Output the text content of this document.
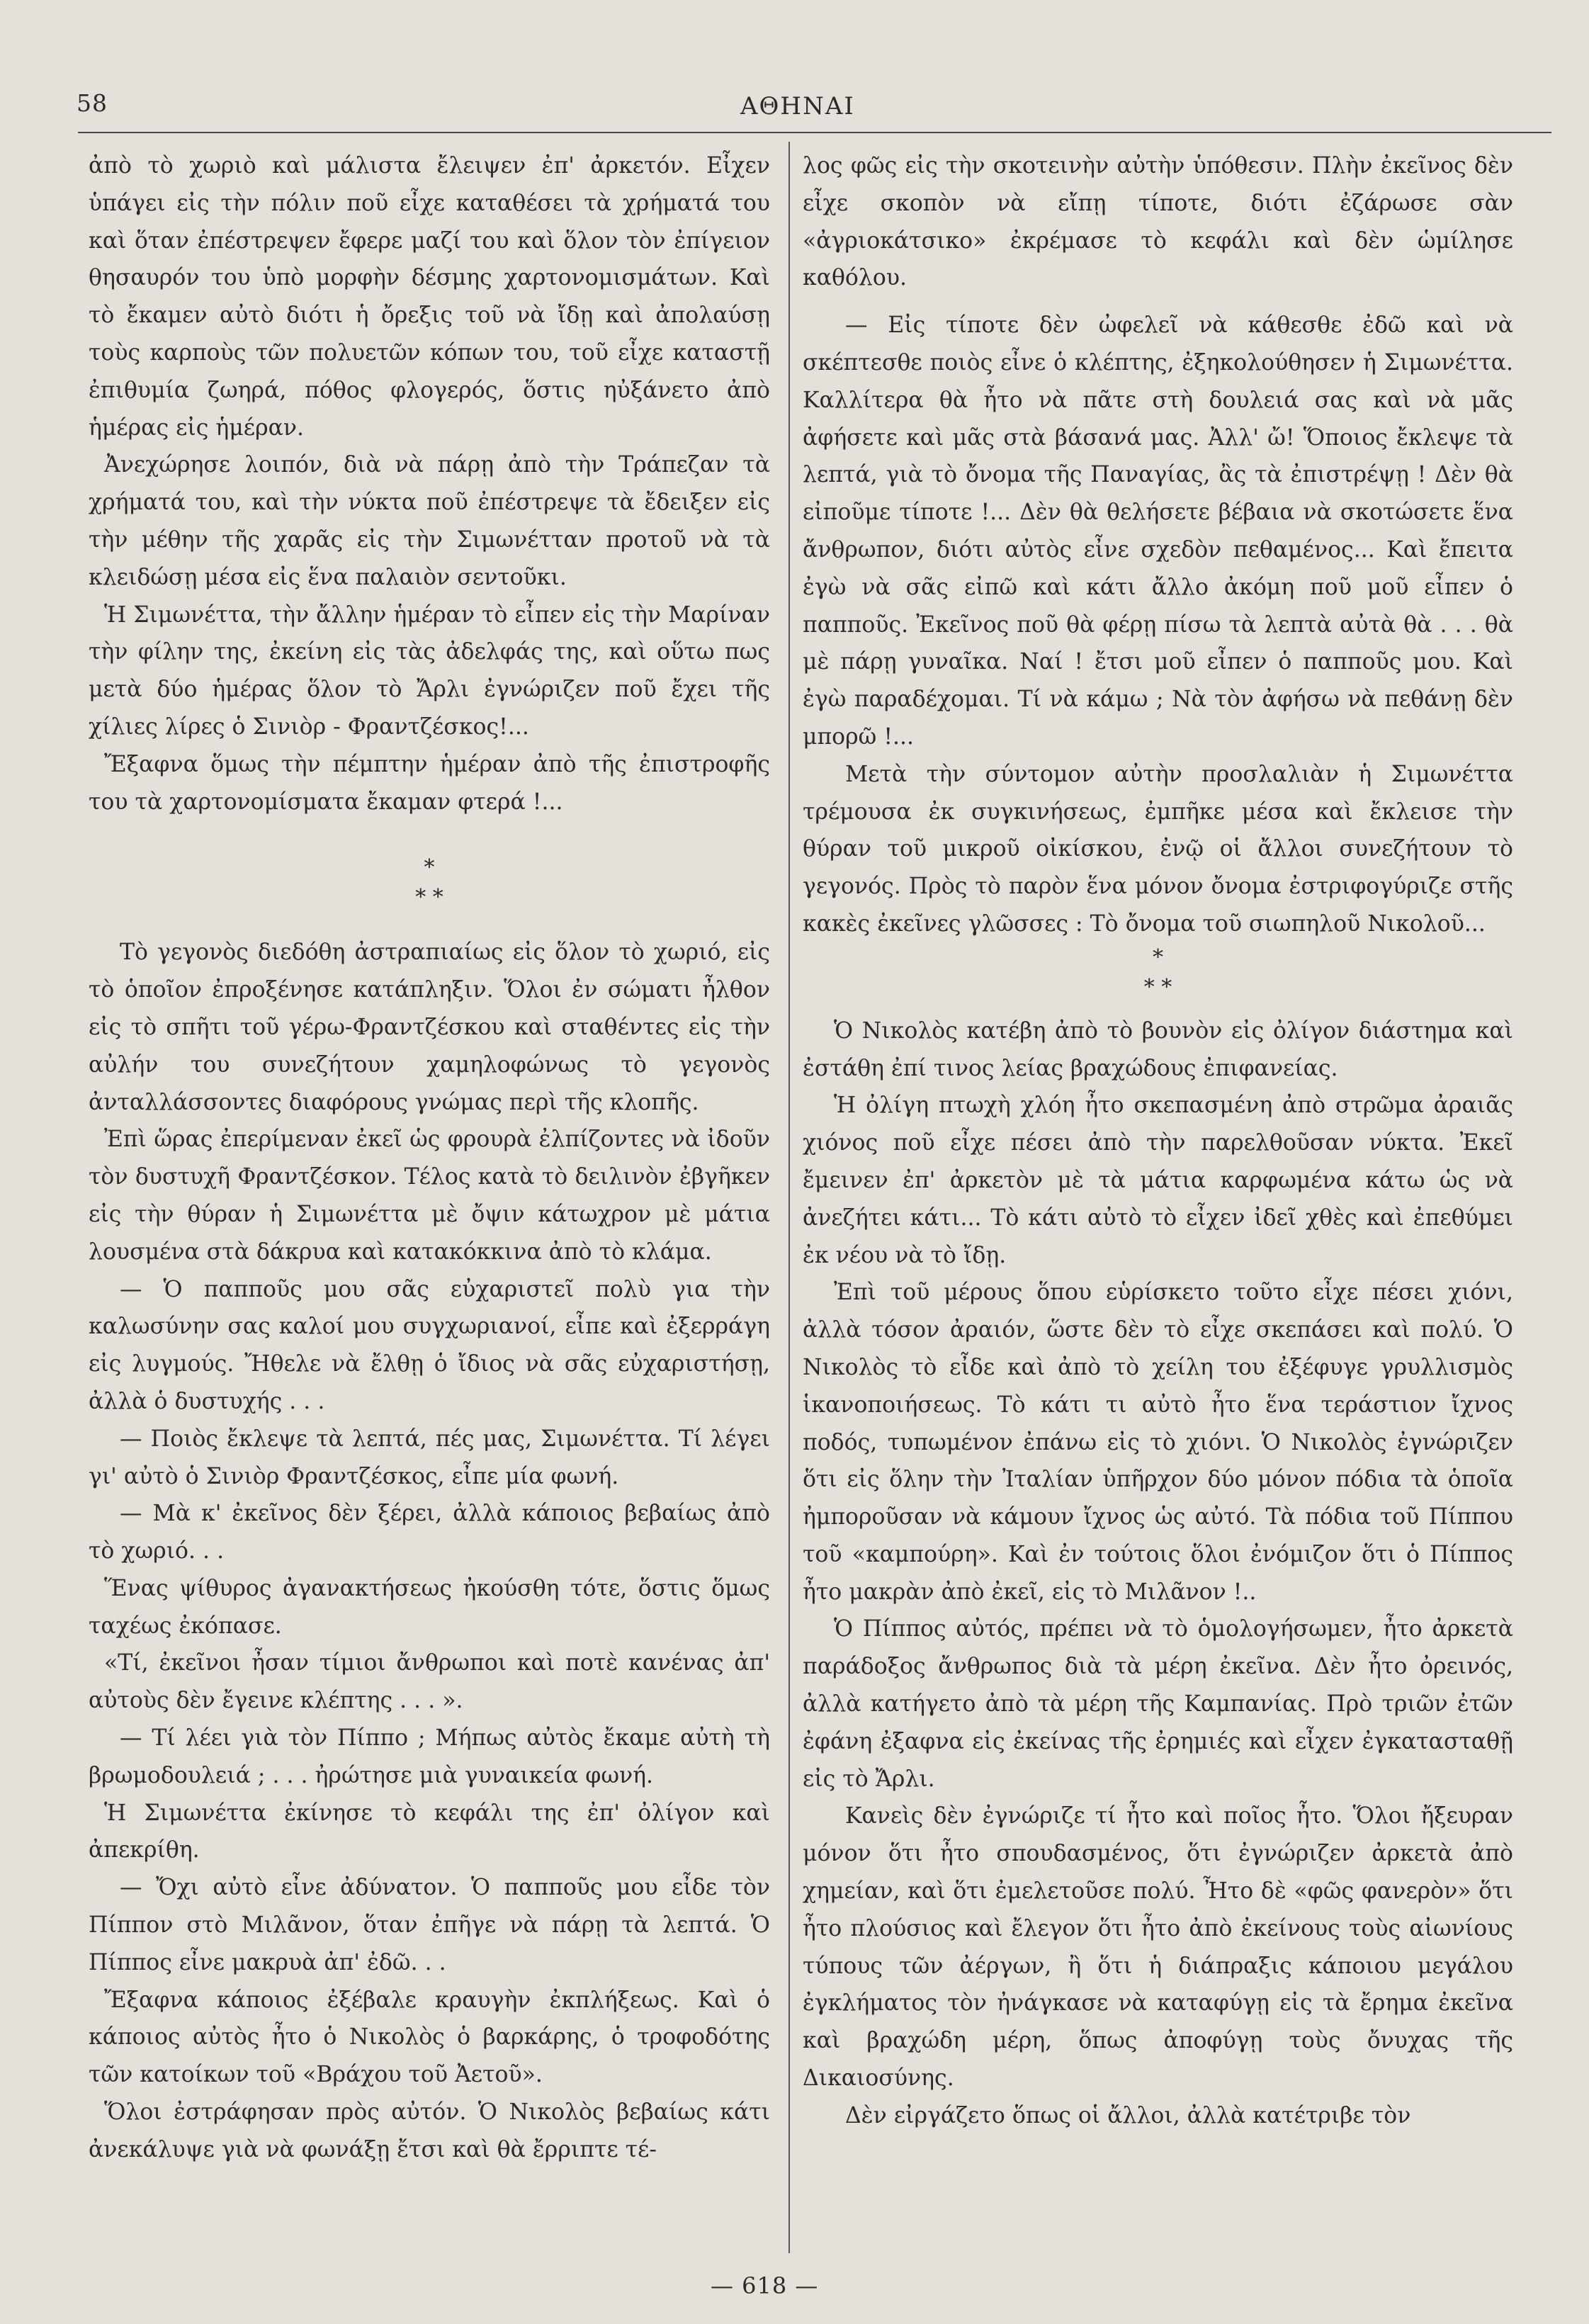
58	ΑΘΗΝΑΙ

ἀπὸ τὸ χωριὸ καὶ μάλιστα ἔλειψεν ἐπ' ἀρκετόν. Εἶχεν ὑπάγει εἰς τὴν πόλιν ποῦ εἶχε καταθέσει τὰ χρήματά του καὶ ὅταν ἐπέστρεψεν ἔφερε μαζί του καὶ ὅλον τὸν ἐπίγειον θησαυρόν του ὑπὸ μορφὴν δέσμης χαρτονομισμάτων. Καὶ τὸ ἔκαμεν αὐτὸ διότι ἡ ὄρεξις τοῦ νὰ ἴδῃ καὶ ἀπολαύσῃ τοὺς καρποὺς τῶν πολυετῶν κόπων του, τοῦ εἶχε καταστῇ ἐπιθυμία ζωηρά, πόθος φλογερός, ὅστις ηὐξάνετο ἀπὸ ἡμέρας εἰς ἡμέραν.

Ἀνεχώρησε λοιπόν, διὰ νὰ πάρῃ ἀπὸ τὴν Τράπεζαν τὰ χρήματά του, καὶ τὴν νύκτα ποῦ ἐπέστρεψε τὰ ἔδειξεν εἰς τὴν μέθην τῆς χαρᾶς εἰς τὴν Σιμωνέτταν προτοῦ νὰ τὰ κλειδώσῃ μέσα εἰς ἕνα παλαιὸν σεντοῦκι.

Ἡ Σιμωνέττα, τὴν ἄλλην ἡμέραν τὸ εἶπεν εἰς τὴν Μαρίναν τὴν φίλην της, ἐκείνη εἰς τὰς ἀδελφάς της, καὶ οὕτω πως μετὰ δύο ἡμέρας ὅλον τὸ Ἄρλι ἐγνώριζεν ποῦ ἔχει τῆς χίλιες λίρες ὁ Σινιὸρ - Φραντζέσκος!...

Ἔξαφνα ὅμως τὴν πέμπτην ἡμέραν ἀπὸ τῆς ἐπιστροφῆς του τὰ χαρτονομίσματα ἔκαμαν φτερά !...

*
* *

Τὸ γεγονὸς διεδόθη ἀστραπιαίως εἰς ὅλον τὸ χωριό, εἰς τὸ ὁποῖον ἐπροξένησε κατάπληξιν. Ὅλοι ἐν σώματι ἦλθον εἰς τὸ σπῆτι τοῦ γέρω-Φραντζέσκου καὶ σταθέντες εἰς τὴν αὐλήν του συνεζήτουν χαμηλοφώνως τὸ γεγονὸς ἀνταλλάσσοντες διαφόρους γνώμας περὶ τῆς κλοπῆς.

Ἐπὶ ὥρας ἐπερίμεναν ἐκεῖ ὡς φρουρὰ ἐλπίζοντες νὰ ἰδοῦν τὸν δυστυχῆ Φραντζέσκον. Τέλος κατὰ τὸ δειλινὸν ἐβγῆκεν εἰς τὴν θύραν ἡ Σιμωνέττα μὲ ὄψιν κάτωχρον μὲ μάτια λουσμένα στὰ δάκρυα καὶ κατακόκκινα ἀπὸ τὸ κλάμα.

— Ὁ παπποῦς μου σᾶς εὐχαριστεῖ πολὺ για τὴν καλωσύνην σας καλοί μου συγχωριανοί, εἶπε καὶ ἐξερράγη εἰς λυγμούς. Ἤθελε νὰ ἔλθῃ ὁ ἴδιος νὰ σᾶς εὐχαριστήσῃ, ἀλλὰ ὁ δυστυχής . . .

— Ποιὸς ἔκλεψε τὰ λεπτά, πές μας, Σιμωνέττα. Τί λέγει γι' αὐτὸ ὁ Σινιὸρ Φραντζέσκος, εἶπε μία φωνή.

— Μὰ κ' ἐκεῖνος δὲν ξέρει, ἀλλὰ κάποιος βεβαίως ἀπὸ τὸ χωριό. . .

Ἕνας ψίθυρος ἀγανακτήσεως ἠκούσθη τότε, ὅστις ὅμως ταχέως ἐκόπασε.

«Τί, ἐκεῖνοι ἦσαν τίμιοι ἄνθρωποι καὶ ποτὲ κανένας ἀπ' αὐτοὺς δὲν ἔγεινε κλέπτης . . . ».

— Τί λέει γιὰ τὸν Πίππο ; Μήπως αὐτὸς ἔκαμε αὐτὴ τὴ βρωμοδουλειά ; . . . ἠρώτησε μιὰ γυναικεία φωνή.

Ἡ Σιμωνέττα ἐκίνησε τὸ κεφάλι της ἐπ' ὀλίγον καὶ ἀπεκρίθη.

— Ὄχι αὐτὸ εἶνε ἀδύνατον. Ὁ παπποῦς μου εἶδε τὸν Πίππον στὸ Μιλᾶνον, ὅταν ἐπῆγε νὰ πάρῃ τὰ λεπτά. Ὁ Πίππος εἶνε μακρυὰ ἀπ' ἐδῶ. . .

Ἔξαφνα κάποιος ἐξέβαλε κραυγὴν ἐκπλήξεως. Καὶ ὁ κάποιος αὐτὸς ἦτο ὁ Νικολὸς ὁ βαρκάρης, ὁ τροφοδότης τῶν κατοίκων τοῦ «Βράχου τοῦ Ἀετοῦ».

Ὅλοι ἐστράφησαν πρὸς αὐτόν. Ὁ Νικολὸς βεβαίως κάτι ἀνεκάλυψε γιὰ νὰ φωνάξῃ ἔτσι καὶ θὰ ἔρριπτε τέ-

λος φῶς εἰς τὴν σκοτεινὴν αὐτὴν ὑπόθεσιν. Πλὴν ἐκεῖνος δὲν εἶχε σκοπὸν νὰ εἴπῃ τίποτε, διότι ἐζάρωσε σὰν «ἀγριοκάτσικο» ἐκρέμασε τὸ κεφάλι καὶ δὲν ὡμίλησε καθόλου.

— Εἰς τίποτε δὲν ὠφελεῖ νὰ κάθεσθε ἐδῶ καὶ νὰ σκέπτεσθε ποιὸς εἶνε ὁ κλέπτης, ἐξηκολούθησεν ἡ Σιμωνέττα. Καλλίτερα θὰ ἦτο νὰ πᾶτε στὴ δουλειά σας καὶ νὰ μᾶς ἀφήσετε καὶ μᾶς στὰ βάσανά μας. Ἀλλ' ὤ! Ὅποιος ἔκλεψε τὰ λεπτά, γιὰ τὸ ὄνομα τῆς Παναγίας, ἂς τὰ ἐπιστρέψῃ ! Δὲν θὰ εἰποῦμε τίποτε !... Δὲν θὰ θελήσετε βέβαια νὰ σκοτώσετε ἕνα ἄνθρωπον, διότι αὐτὸς εἶνε σχεδὸν πεθαμένος... Καὶ ἔπειτα ἐγὼ νὰ σᾶς εἰπῶ καὶ κάτι ἄλλο ἀκόμη ποῦ μοῦ εἶπεν ὁ παπποῦς. Ἐκεῖνος ποῦ θὰ φέρῃ πίσω τὰ λεπτὰ αὐτὰ θὰ . . . θὰ μὲ πάρῃ γυναῖκα. Ναί ! ἔτσι μοῦ εἶπεν ὁ παπποῦς μου. Καὶ ἐγὼ παραδέχομαι. Τί νὰ κάμω ; Νὰ τὸν ἀφήσω νὰ πεθάνῃ δὲν μπορῶ !...

Μετὰ τὴν σύντομον αὐτὴν προσλαλιὰν ἡ Σιμωνέττα τρέμουσα ἐκ συγκινήσεως, ἐμπῆκε μέσα καὶ ἔκλεισε τὴν θύραν τοῦ μικροῦ οἰκίσκου, ἐνῷ οἱ ἄλλοι συνεζήτουν τὸ γεγονός. Πρὸς τὸ παρὸν ἕνα μόνον ὄνομα ἐστριφογύριζε στῆς κακὲς ἐκεῖνες γλῶσσες : Τὸ ὄνομα τοῦ σιωπηλοῦ Νικολοῦ...

*
* *

Ὁ Νικολὸς κατέβη ἀπὸ τὸ βουνὸν εἰς ὀλίγον διάστημα καὶ ἐστάθη ἐπί τινος λείας βραχώδους ἐπιφανείας.

Ἡ ὀλίγη πτωχὴ χλόη ἦτο σκεπασμένη ἀπὸ στρῶμα ἀραιᾶς χιόνος ποῦ εἶχε πέσει ἀπὸ τὴν παρελθοῦσαν νύκτα. Ἐκεῖ ἔμεινεν ἐπ' ἀρκετὸν μὲ τὰ μάτια καρφωμένα κάτω ὡς νὰ ἀνεζήτει κάτι... Τὸ κάτι αὐτὸ τὸ εἶχεν ἰδεῖ χθὲς καὶ ἐπεθύμει ἐκ νέου νὰ τὸ ἴδῃ.

Ἐπὶ τοῦ μέρους ὅπου εὑρίσκετο τοῦτο εἶχε πέσει χιόνι, ἀλλὰ τόσον ἀραιόν, ὥστε δὲν τὸ εἶχε σκεπάσει καὶ πολύ. Ὁ Νικολὸς τὸ εἶδε καὶ ἀπὸ τὸ χείλη του ἐξέφυγε γρυλλισμὸς ἱκανοποιήσεως. Τὸ κάτι τι αὐτὸ ἦτο ἕνα τεράστιον ἴχνος ποδός, τυπωμένον ἐπάνω εἰς τὸ χιόνι. Ὁ Νικολὸς ἐγνώριζεν ὅτι εἰς ὅλην τὴν Ἰταλίαν ὑπῆρχον δύο μόνον πόδια τὰ ὁποῖα ἠμποροῦσαν νὰ κάμουν ἴχνος ὡς αὐτό. Τὰ πόδια τοῦ Πίππου τοῦ «καμπούρη». Καὶ ἐν τούτοις ὅλοι ἐνόμιζον ὅτι ὁ Πίππος ἦτο μακρὰν ἀπὸ ἐκεῖ, εἰς τὸ Μιλᾶνον !..

Ὁ Πίππος αὐτός, πρέπει νὰ τὸ ὁμολογήσωμεν, ἦτο ἀρκετὰ παράδοξος ἄνθρωπος διὰ τὰ μέρη ἐκεῖνα. Δὲν ἦτο ὀρεινός, ἀλλὰ κατήγετο ἀπὸ τὰ μέρη τῆς Καμπανίας. Πρὸ τριῶν ἐτῶν ἐφάνη ἐξαφνα εἰς ἐκείνας τῆς ἐρημιές καὶ εἶχεν ἐγκατασταθῇ εἰς τὸ Ἄρλι.

Κανεὶς δὲν ἐγνώριζε τί ἦτο καὶ ποῖος ἦτο. Ὅλοι ἤξευραν μόνον ὅτι ἦτο σπουδασμένος, ὅτι ἐγνώριζεν ἀρκετὰ ἀπὸ χημείαν, καὶ ὅτι ἐμελετοῦσε πολύ. Ἦτο δὲ «φῶς φανερὸν» ὅτι ἦτο πλούσιος καὶ ἔλεγον ὅτι ἦτο ἀπὸ ἐκείνους τοὺς αἰωνίους τύπους τῶν ἀέργων, ἢ ὅτι ἡ διάπραξις κάποιου μεγάλου ἐγκλήματος τὸν ἠνάγκασε νὰ καταφύγῃ εἰς τὰ ἔρημα ἐκεῖνα καὶ βραχώδη μέρη, ὅπως ἀποφύγῃ τοὺς ὄνυχας τῆς Δικαιοσύνης.

Δὲν εἰργάζετο ὅπως οἱ ἄλλοι, ἀλλὰ κατέτριβε τὸν

— 618 —
